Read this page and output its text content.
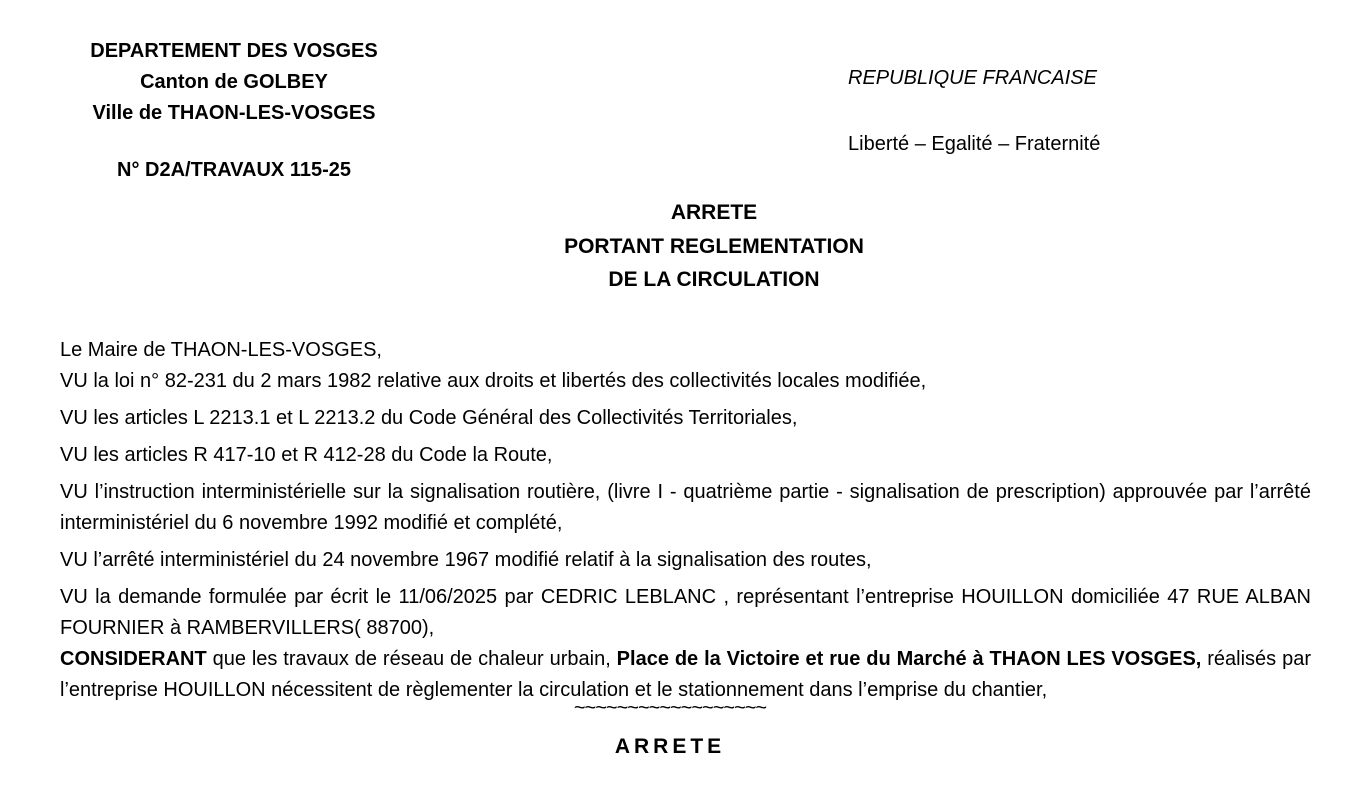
DEPARTEMENT DES VOSGES
Canton de GOLBEY
Ville de THAON-LES-VOSGES
N° D2A/TRAVAUX 115-25
REPUBLIQUE FRANCAISE
Liberté – Egalité – Fraternité
ARRETE
PORTANT REGLEMENTATION
DE LA CIRCULATION

Le Maire de THAON-LES-VOSGES,

VU la loi n° 82-231 du 2 mars 1982 relative aux droits et libertés des collectivités locales modifiée,

VU les articles L 2213.1 et L 2213.2 du Code Général des Collectivités Territoriales,

VU les articles R 417-10 et R 412-28 du Code la Route,

VU l’instruction interministérielle sur la signalisation routière, (livre I - quatrième partie - signalisation de prescription) approuvée par l’arrêté interministériel du 6 novembre 1992 modifié et complété,

VU l’arrêté interministériel du 24 novembre 1967 modifié relatif à la signalisation des routes,

VU la demande formulée par écrit le 11/06/2025 par CEDRIC LEBLANC , représentant l’entreprise HOUILLON domiciliée 47 RUE ALBAN FOURNIER à RAMBERVILLERS( 88700),

CONSIDERANT que les travaux de réseau de chaleur urbain, Place de la Victoire et rue du Marché à THAON LES VOSGES, réalisés par l’entreprise HOUILLON nécessitent de règlementer la circulation et le stationnement dans l’emprise du chantier,

~~~~~~~~~~~~~~~~~~
ARRETE
